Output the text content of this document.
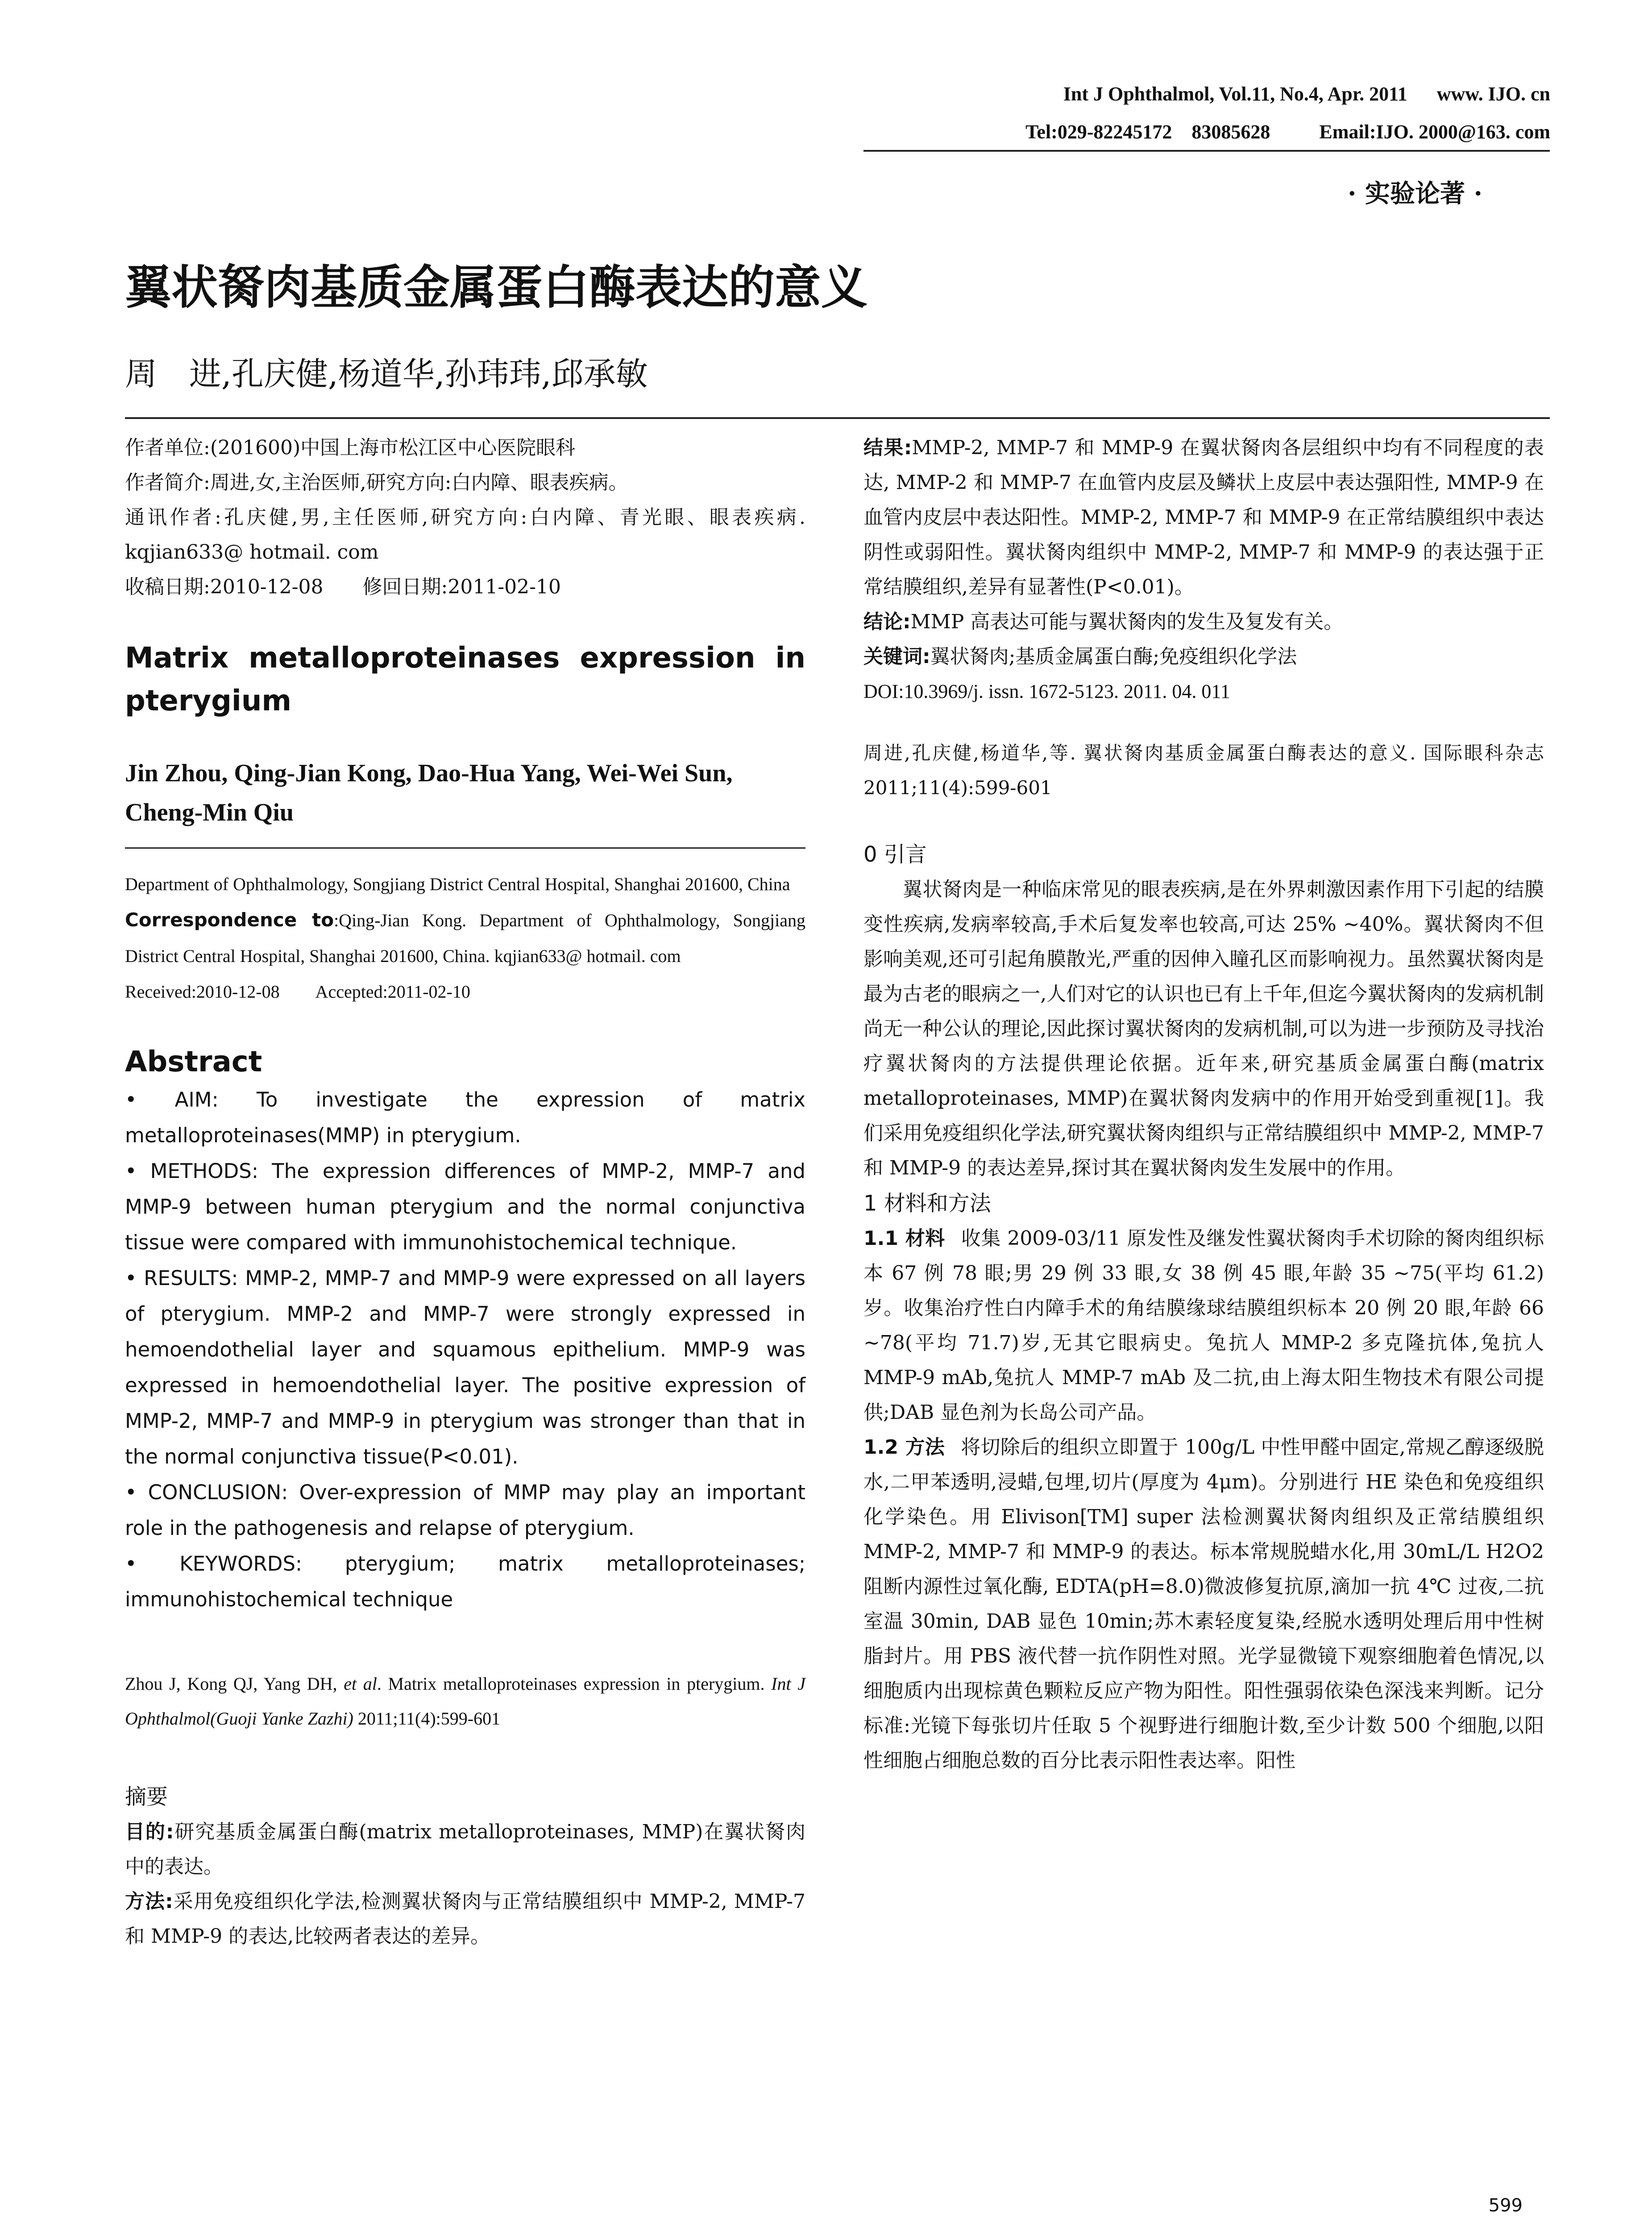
Int J Ophthalmol, Vol.11, No.4, Apr. 2011      www. IJO. cn
Tel:029-82245172    83085628          Email:IJO. 2000@163. com
· 实验论著 ·
翼状胬肉基质金属蛋白酶表达的意义
周　进,孔庆健,杨道华,孙玮玮,邱承敏

作者单位:(201600)中国上海市松江区中心医院眼科

作者简介:周进,女,主治医师,研究方向:白内障、眼表疾病。

通讯作者:孔庆健,男,主任医师,研究方向:白内障、青光眼、眼表疾病. kqjian633@ hotmail. com

收稿日期:2010-12-08　　修回日期:2011-02-10

Matrix metalloproteinases expression in pterygium
Jin Zhou, Qing-Jian Kong, Dao-Hua Yang, Wei-Wei Sun, Cheng-Min Qiu
Department of Ophthalmology, Songjiang District Central Hospital, Shanghai 201600, China
Correspondence to:Qing-Jian Kong. Department of Ophthalmology, Songjiang District Central Hospital, Shanghai 201600, China. kqjian633@ hotmail. com
Received:2010-12-08　　Accepted:2011-02-10
Abstract

• AIM: To investigate the expression of matrix metalloproteinases(MMP) in pterygium.

• METHODS: The expression differences of MMP-2, MMP-7 and MMP-9 between human pterygium and the normal conjunctiva tissue were compared with immunohistochemical technique.

• RESULTS: MMP-2, MMP-7 and MMP-9 were expressed on all layers of pterygium. MMP-2 and MMP-7 were strongly expressed in hemoendothelial layer and squamous epithelium. MMP-9 was expressed in hemoendothelial layer. The positive expression of MMP-2, MMP-7 and MMP-9 in pterygium was stronger than that in the normal conjunctiva tissue(P<0.01).

• CONCLUSION: Over-expression of MMP may play an important role in the pathogenesis and relapse of pterygium.

• KEYWORDS: pterygium; matrix metalloproteinases; immunohistochemical technique

Zhou J, Kong QJ, Yang DH, et al. Matrix metalloproteinases expression in pterygium. Int J Ophthalmol(Guoji Yanke Zazhi) 2011;11(4):599-601
摘要

目的:研究基质金属蛋白酶(matrix metalloproteinases, MMP)在翼状胬肉中的表达。

方法:采用免疫组织化学法,检测翼状胬肉与正常结膜组织中 MMP-2, MMP-7 和 MMP-9 的表达,比较两者表达的差异。

结果:MMP-2, MMP-7 和 MMP-9 在翼状胬肉各层组织中均有不同程度的表达, MMP-2 和 MMP-7 在血管内皮层及鳞状上皮层中表达强阳性, MMP-9 在血管内皮层中表达阳性。MMP-2, MMP-7 和 MMP-9 在正常结膜组织中表达阴性或弱阳性。翼状胬肉组织中 MMP-2, MMP-7 和 MMP-9 的表达强于正常结膜组织,差异有显著性(P<0.01)。

结论:MMP 高表达可能与翼状胬肉的发生及复发有关。

关键词:翼状胬肉;基质金属蛋白酶;免疫组织化学法

DOI:10.3969/j. issn. 1672-5123. 2011. 04. 011

周进,孔庆健,杨道华,等. 翼状胬肉基质金属蛋白酶表达的意义. 国际眼科杂志 2011;11(4):599-601

0 引言

翼状胬肉是一种临床常见的眼表疾病,是在外界刺激因素作用下引起的结膜变性疾病,发病率较高,手术后复发率也较高,可达 25% ~40%。翼状胬肉不但影响美观,还可引起角膜散光,严重的因伸入瞳孔区而影响视力。虽然翼状胬肉是最为古老的眼病之一,人们对它的认识也已有上千年,但迄今翼状胬肉的发病机制尚无一种公认的理论,因此探讨翼状胬肉的发病机制,可以为进一步预防及寻找治疗翼状胬肉的方法提供理论依据。近年来,研究基质金属蛋白酶(matrix metalloproteinases, MMP)在翼状胬肉发病中的作用开始受到重视[1]。我们采用免疫组织化学法,研究翼状胬肉组织与正常结膜组织中 MMP-2, MMP-7 和 MMP-9 的表达差异,探讨其在翼状胬肉发生发展中的作用。

1 材料和方法

1.1 材料 收集 2009-03/11 原发性及继发性翼状胬肉手术切除的胬肉组织标本 67 例 78 眼;男 29 例 33 眼,女 38 例 45 眼,年龄 35 ~75(平均 61.2)岁。收集治疗性白内障手术的角结膜缘球结膜组织标本 20 例 20 眼,年龄 66 ~78(平均 71.7)岁,无其它眼病史。兔抗人 MMP-2 多克隆抗体,兔抗人 MMP-9 mAb,兔抗人 MMP-7 mAb 及二抗,由上海太阳生物技术有限公司提供;DAB 显色剂为长岛公司产品。

1.2 方法 将切除后的组织立即置于 100g/L 中性甲醛中固定,常规乙醇逐级脱水,二甲苯透明,浸蜡,包埋,切片(厚度为 4μm)。分别进行 HE 染色和免疫组织化学染色。用 Elivison[TM] super 法检测翼状胬肉组织及正常结膜组织 MMP-2, MMP-7 和 MMP-9 的表达。标本常规脱蜡水化,用 30mL/L H2O2 阻断内源性过氧化酶, EDTA(pH=8.0)微波修复抗原,滴加一抗 4℃ 过夜,二抗室温 30min, DAB 显色 10min;苏木素轻度复染,经脱水透明处理后用中性树脂封片。用 PBS 液代替一抗作阴性对照。光学显微镜下观察细胞着色情况,以细胞质内出现棕黄色颗粒反应产物为阳性。阳性强弱依染色深浅来判断。记分标准:光镜下每张切片任取 5 个视野进行细胞计数,至少计数 500 个细胞,以阳性细胞占细胞总数的百分比表示阳性表达率。阳性

599
